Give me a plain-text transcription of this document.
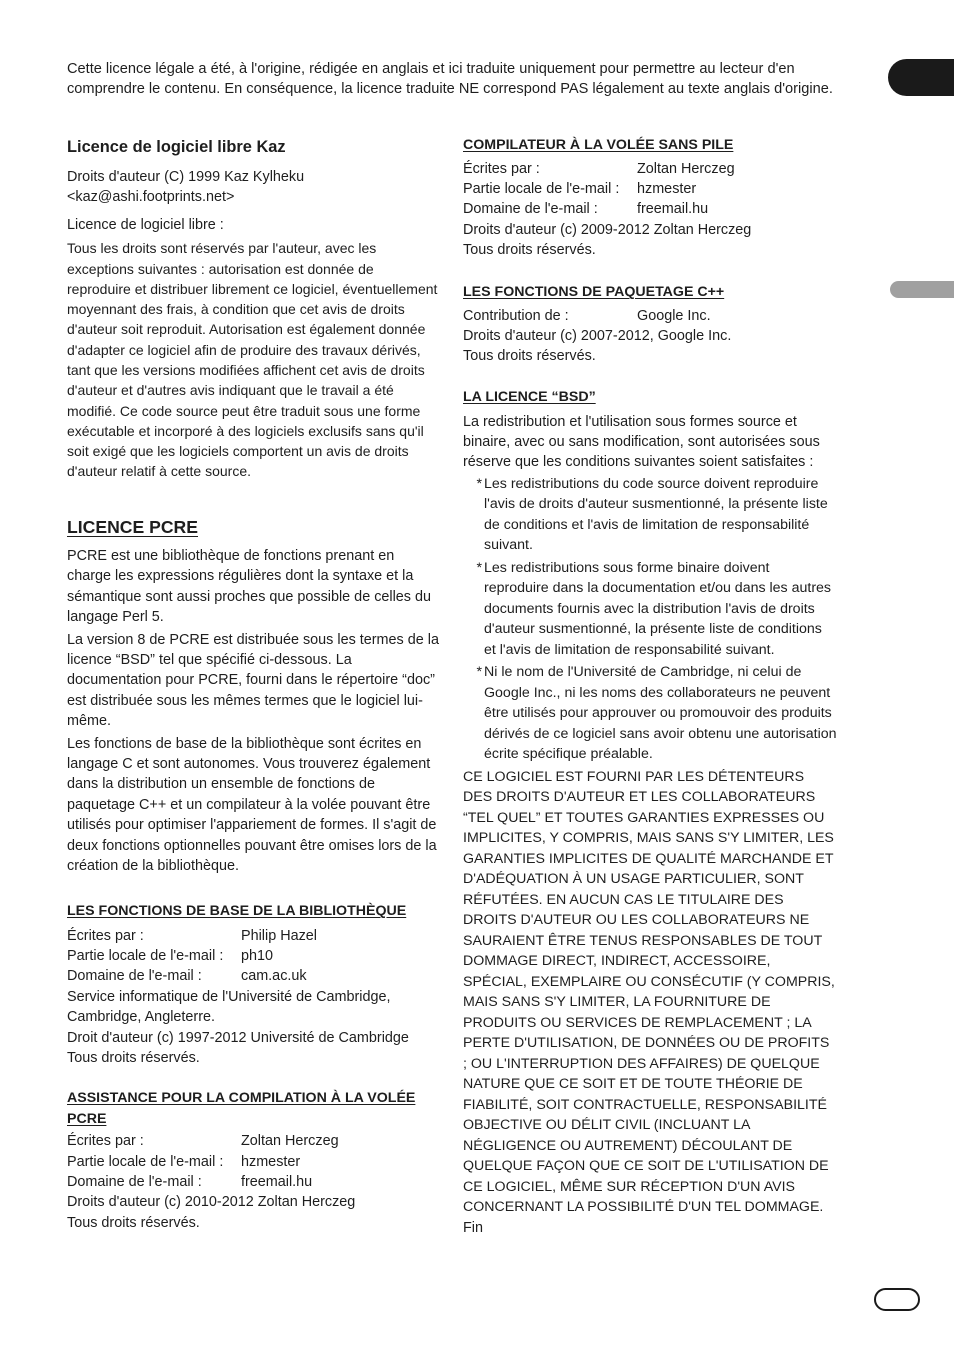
Cette licence légale a été, à l'origine, rédigée en anglais et ici traduite uniquement pour permettre au lecteur d'en comprendre le contenu. En conséquence, la licence traduite NE correspond PAS légalement au texte anglais d'origine.

Licence de logiciel libre Kaz

Droits d'auteur (C) 1999 Kaz Kylheku <kaz@ashi.footprints.net>

Licence de logiciel libre :

Tous les droits sont réservés par l'auteur, avec les exceptions suivantes : autorisation est donnée de reproduire et distribuer librement ce logiciel, éventuellement moyennant des frais, à condition que cet avis de droits d'auteur soit reproduit. Autorisation est également donnée d'adapter ce logiciel afin de produire des travaux dérivés, tant que les versions modifiées affichent cet avis de droits d'auteur et d'autres avis indiquant que le travail a été modifié. Ce code source peut être traduit sous une forme exécutable et incorporé à des logiciels exclusifs sans qu'il soit exigé que les logiciels comportent un avis de droits d'auteur relatif à cette source.

LICENCE PCRE

PCRE est une bibliothèque de fonctions prenant en charge les expressions régulières dont la syntaxe et la sémantique sont aussi proches que possible de celles du langage Perl 5.

La version 8 de PCRE est distribuée sous les termes de la licence “BSD” tel que spécifié ci-dessous. La documentation pour PCRE, fourni dans le répertoire “doc” est distribuée sous les mêmes termes que le logiciel lui-même.

Les fonctions de base de la bibliothèque sont écrites en langage C et sont autonomes. Vous trouverez également dans la distribution un ensemble de fonctions de paquetage C++ et un compilateur à la volée pouvant être utilisés pour optimiser l'appariement de formes. Il s'agit de deux fonctions optionnelles pouvant être omises lors de la création de la bibliothèque.

LES FONCTIONS DE BASE DE LA BIBLIOTHÈQUE
Écrites par :	Philip Hazel
Partie locale de l'e-mail :	ph10
Domaine de l'e-mail :	cam.ac.uk

Service informatique de l'Université de Cambridge, Cambridge, Angleterre.

Droit d'auteur (c) 1997-2012 Université de Cambridge

Tous droits réservés.

ASSISTANCE POUR LA COMPILATION À LA VOLÉE PCRE
Écrites par :	Zoltan Herczeg
Partie locale de l'e-mail :	hzmester
Domaine de l'e-mail :	freemail.hu

Droits d'auteur (c) 2010-2012 Zoltan Herczeg

Tous droits réservés.

COMPILATEUR À LA VOLÉE SANS PILE
Écrites par :	Zoltan Herczeg
Partie locale de l'e-mail :	hzmester
Domaine de l'e-mail :	freemail.hu

Droits d'auteur (c) 2009-2012 Zoltan Herczeg

Tous droits réservés.

LES FONCTIONS DE PAQUETAGE C++
Contribution de :	Google Inc.

Droits d'auteur (c) 2007-2012, Google Inc.

Tous droits réservés.

LA LICENCE “BSD”

La redistribution et l'utilisation sous formes source et binaire, avec ou sans modification, sont autorisées sous réserve que les conditions suivantes soient satisfaites :

* Les redistributions du code source doivent reproduire l'avis de droits d'auteur susmentionné, la présente liste de conditions et l'avis de limitation de responsabilité suivant.
* Les redistributions sous forme binaire doivent reproduire dans la documentation et/ou dans les autres documents fournis avec la distribution l'avis de droits d'auteur susmentionné, la présente liste de conditions et l'avis de limitation de responsabilité suivant.
* Ni le nom de l'Université de Cambridge, ni celui de Google Inc., ni les noms des collaborateurs ne peuvent être utilisés pour approuver ou promouvoir des produits dérivés de ce logiciel sans avoir obtenu une autorisation écrite spécifique préalable.

CE LOGICIEL EST FOURNI PAR LES DÉTENTEURS DES DROITS D'AUTEUR ET LES COLLABORATEURS “TEL QUEL” ET TOUTES GARANTIES EXPRESSES OU IMPLICITES, Y COMPRIS, MAIS SANS S'Y LIMITER, LES GARANTIES IMPLICITES DE QUALITÉ MARCHANDE ET D'ADÉQUATION À UN USAGE PARTICULIER, SONT RÉFUTÉES. EN AUCUN CAS LE TITULAIRE DES DROITS D'AUTEUR OU LES COLLABORATEURS NE SAURAIENT ÊTRE TENUS RESPONSABLES DE TOUT DOMMAGE DIRECT, INDIRECT, ACCESSOIRE, SPÉCIAL, EXEMPLAIRE OU CONSÉCUTIF (Y COMPRIS, MAIS SANS S'Y LIMITER, LA FOURNITURE DE PRODUITS OU SERVICES DE REMPLACEMENT ; LA PERTE D'UTILISATION, DE DONNÉES OU DE PROFITS ; OU L'INTERRUPTION DES AFFAIRES) DE QUELQUE NATURE QUE CE SOIT ET DE TOUTE THÉORIE DE FIABILITÉ, SOIT CONTRACTUELLE, RESPONSABILITÉ OBJECTIVE OU DÉLIT CIVIL (INCLUANT LA NÉGLIGENCE OU AUTREMENT) DÉCOULANT DE QUELQUE FAÇON QUE CE SOIT DE L'UTILISATION DE CE LOGICIEL, MÊME SUR RÉCEPTION D'UN AVIS CONCERNANT LA POSSIBILITÉ D'UN TEL DOMMAGE.

Fin
